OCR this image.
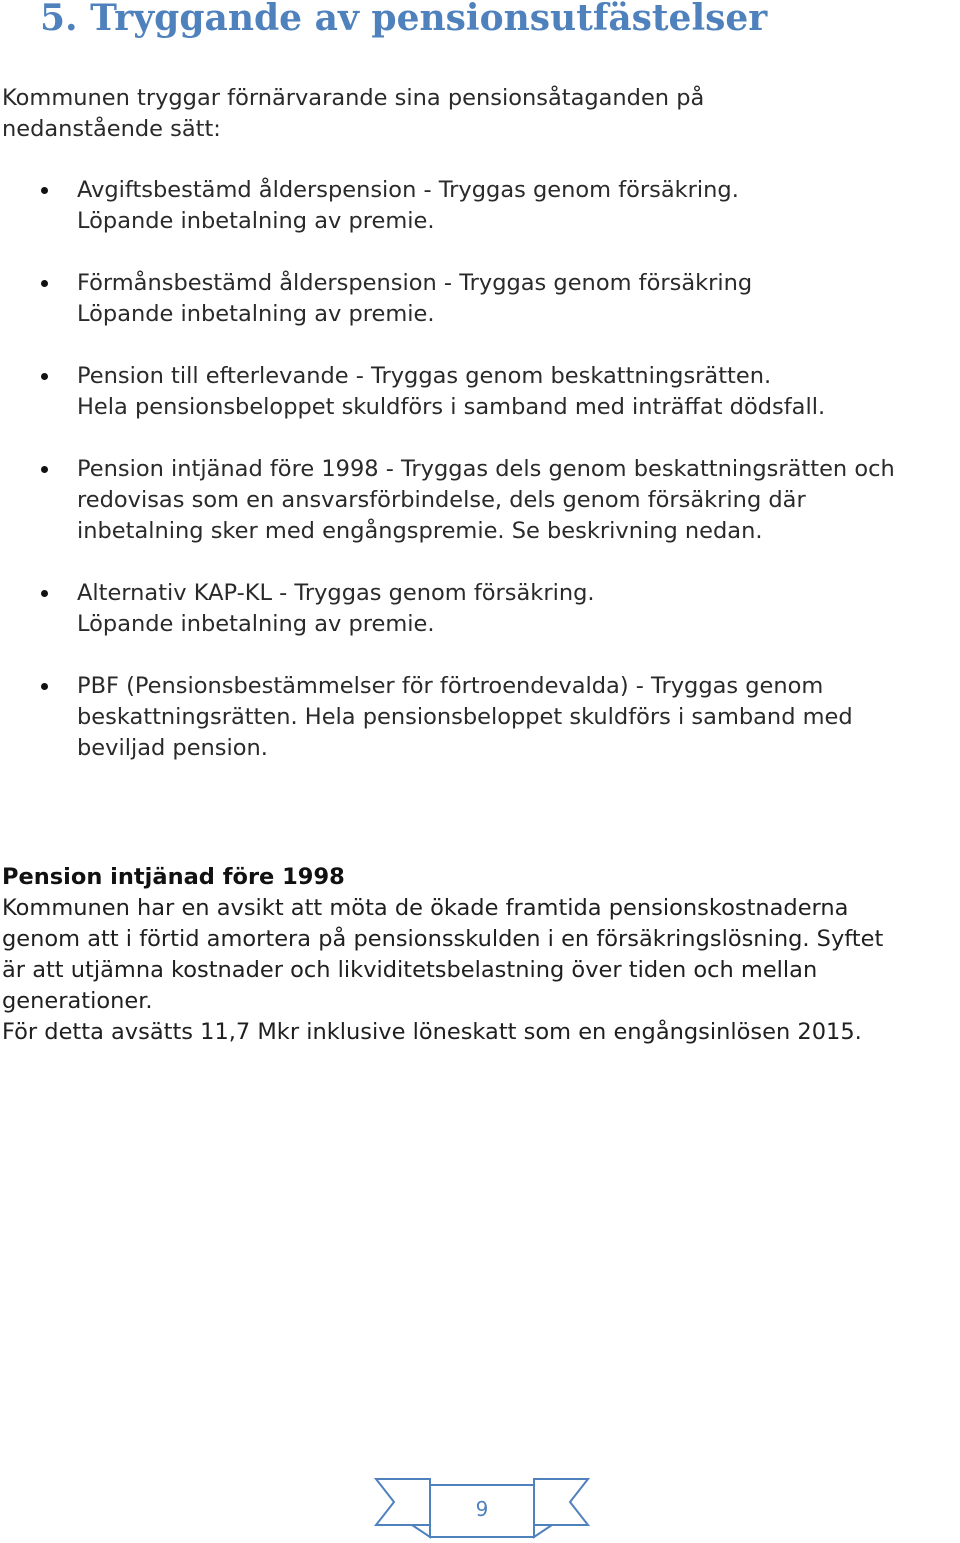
5. Tryggande av pensionsutfästelser

Kommunen tryggar förnärvarande sina pensionsåtaganden på
nedanstående sätt:

Avgiftsbestämd ålderspension - Tryggas genom försäkring.
Löpande inbetalning av premie.
Förmånsbestämd ålderspension - Tryggas genom försäkring
Löpande inbetalning av premie.
Pension till efterlevande - Tryggas genom beskattningsrätten.
Hela pensionsbeloppet skuldförs i samband med inträffat dödsfall.
Pension intjänad före 1998 - Tryggas dels genom beskattningsrätten och
redovisas som en ansvarsförbindelse, dels genom försäkring där
inbetalning sker med engångspremie. Se beskrivning nedan.
Alternativ KAP-KL - Tryggas genom försäkring.
Löpande inbetalning av premie.
PBF (Pensionsbestämmelser för förtroendevalda) - Tryggas genom
beskattningsrätten. Hela pensionsbeloppet skuldförs i samband med
beviljad pension.
Pension intjänad före 1998

Kommunen har en avsikt att möta de ökade framtida pensionskostnaderna
genom att i förtid amortera på pensionsskulden i en försäkringslösning. Syftet
är att utjämna kostnader och likviditetsbelastning över tiden och mellan
generationer.
För detta avsätts 11,7 Mkr inklusive löneskatt som en engångsinlösen 2015.

9
